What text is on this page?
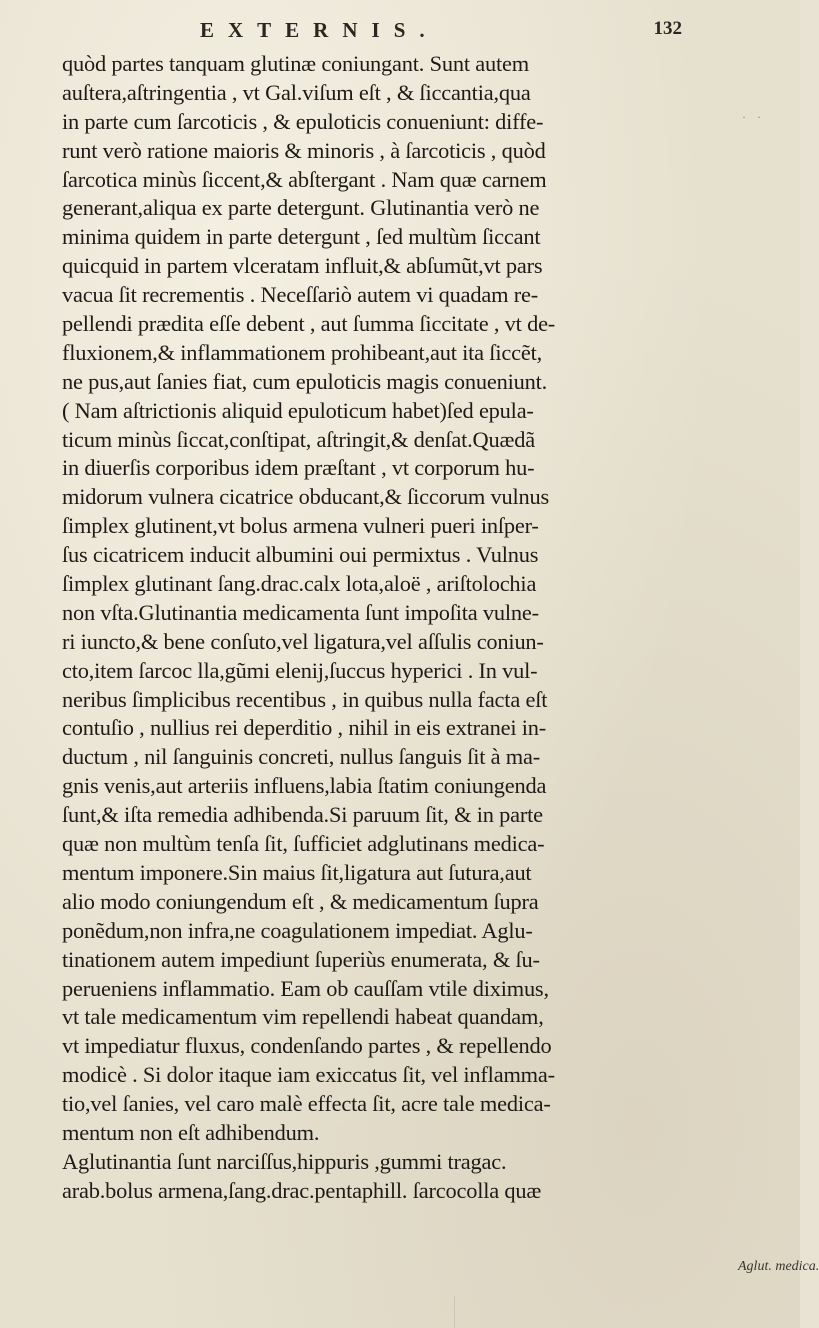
EXTERNIS.	132
· ·
quòd partes tanquam glutinæ coniungant. Sunt autem
auſtera,aſtringentia , vt Gal.viſum eſt , & ſiccantia,qua
in parte cum ſarcoticis , & epuloticis conueniunt: diffe-
runt verò ratione maioris & minoris , à ſarcoticis , quòd
ſarcotica minùs ſiccent,& abſtergant . Nam quæ carnem
generant,aliqua ex parte detergunt. Glutinantia verò ne
minima quidem in parte detergunt , ſed multùm ſiccant
quicquid in partem vlceratam influit,& abſumũt,vt pars
vacua ſit recrementis . Neceſſariò autem vi quadam re-
pellendi prædita eſſe debent , aut ſumma ſiccitate , vt de-
fluxionem,& inflammationem prohibeant,aut ita ſiccẽt,
ne pus,aut ſanies fiat, cum epuloticis magis conueniunt.
( Nam aſtrictionis aliquid epuloticum habet)ſed epula-
ticum minùs ſiccat,conſtipat, aſtringit,& denſat.Quædã
in diuerſis corporibus idem præſtant , vt corporum hu-
midorum vulnera cicatrice obducant,& ſiccorum vulnus
ſimplex glutinent,vt bolus armena vulneri pueri inſper-
ſus cicatricem inducit albumini oui permixtus . Vulnus
ſimplex glutinant ſang.drac.calx lota,aloë , ariſtolochia
non vſta.Glutinantia medicamenta ſunt impoſita vulne-
ri iuncto,& bene conſuto,vel ligatura,vel aſſulis coniun-
cto,item ſarcoc lla,gũmi elenij,ſuccus hyperici . In vul-
neribus ſimplicibus recentibus , in quibus nulla facta eſt
contuſio , nullius rei deperditio , nihil in eis extranei in-
ductum , nil ſanguinis concreti, nullus ſanguis ſit à ma-
gnis venis,aut arteriis influens,labia ſtatim coniungenda
ſunt,& iſta remedia adhibenda.Si paruum ſit, & in parte
quæ non multùm tenſa ſit, ſufficiet adglutinans medica-
mentum imponere.Sin maius ſit,ligatura aut ſutura,aut
alio modo coniungendum eſt , & medicamentum ſupra
ponẽdum,non infra,ne coagulationem impediat. Aglu-
tinationem autem impediunt ſuperiùs enumerata, & ſu-
perueniens inflammatio. Eam ob cauſſam vtile diximus,
vt tale medicamentum vim repellendi habeat quandam,
vt impediatur fluxus, condenſando partes , & repellendo
modicè . Si dolor itaque iam exiccatus ſit, vel inflamma-
tio,vel ſanies, vel caro malè effecta ſit, acre tale medica-
mentum non eſt adhibendum.
Aglutinantia ſunt narciſſus,hippuris ,gummi tragac.
arab.bolus armena,ſang.drac.pentaphill. ſarcocolla quæ
Aglut. medica.
